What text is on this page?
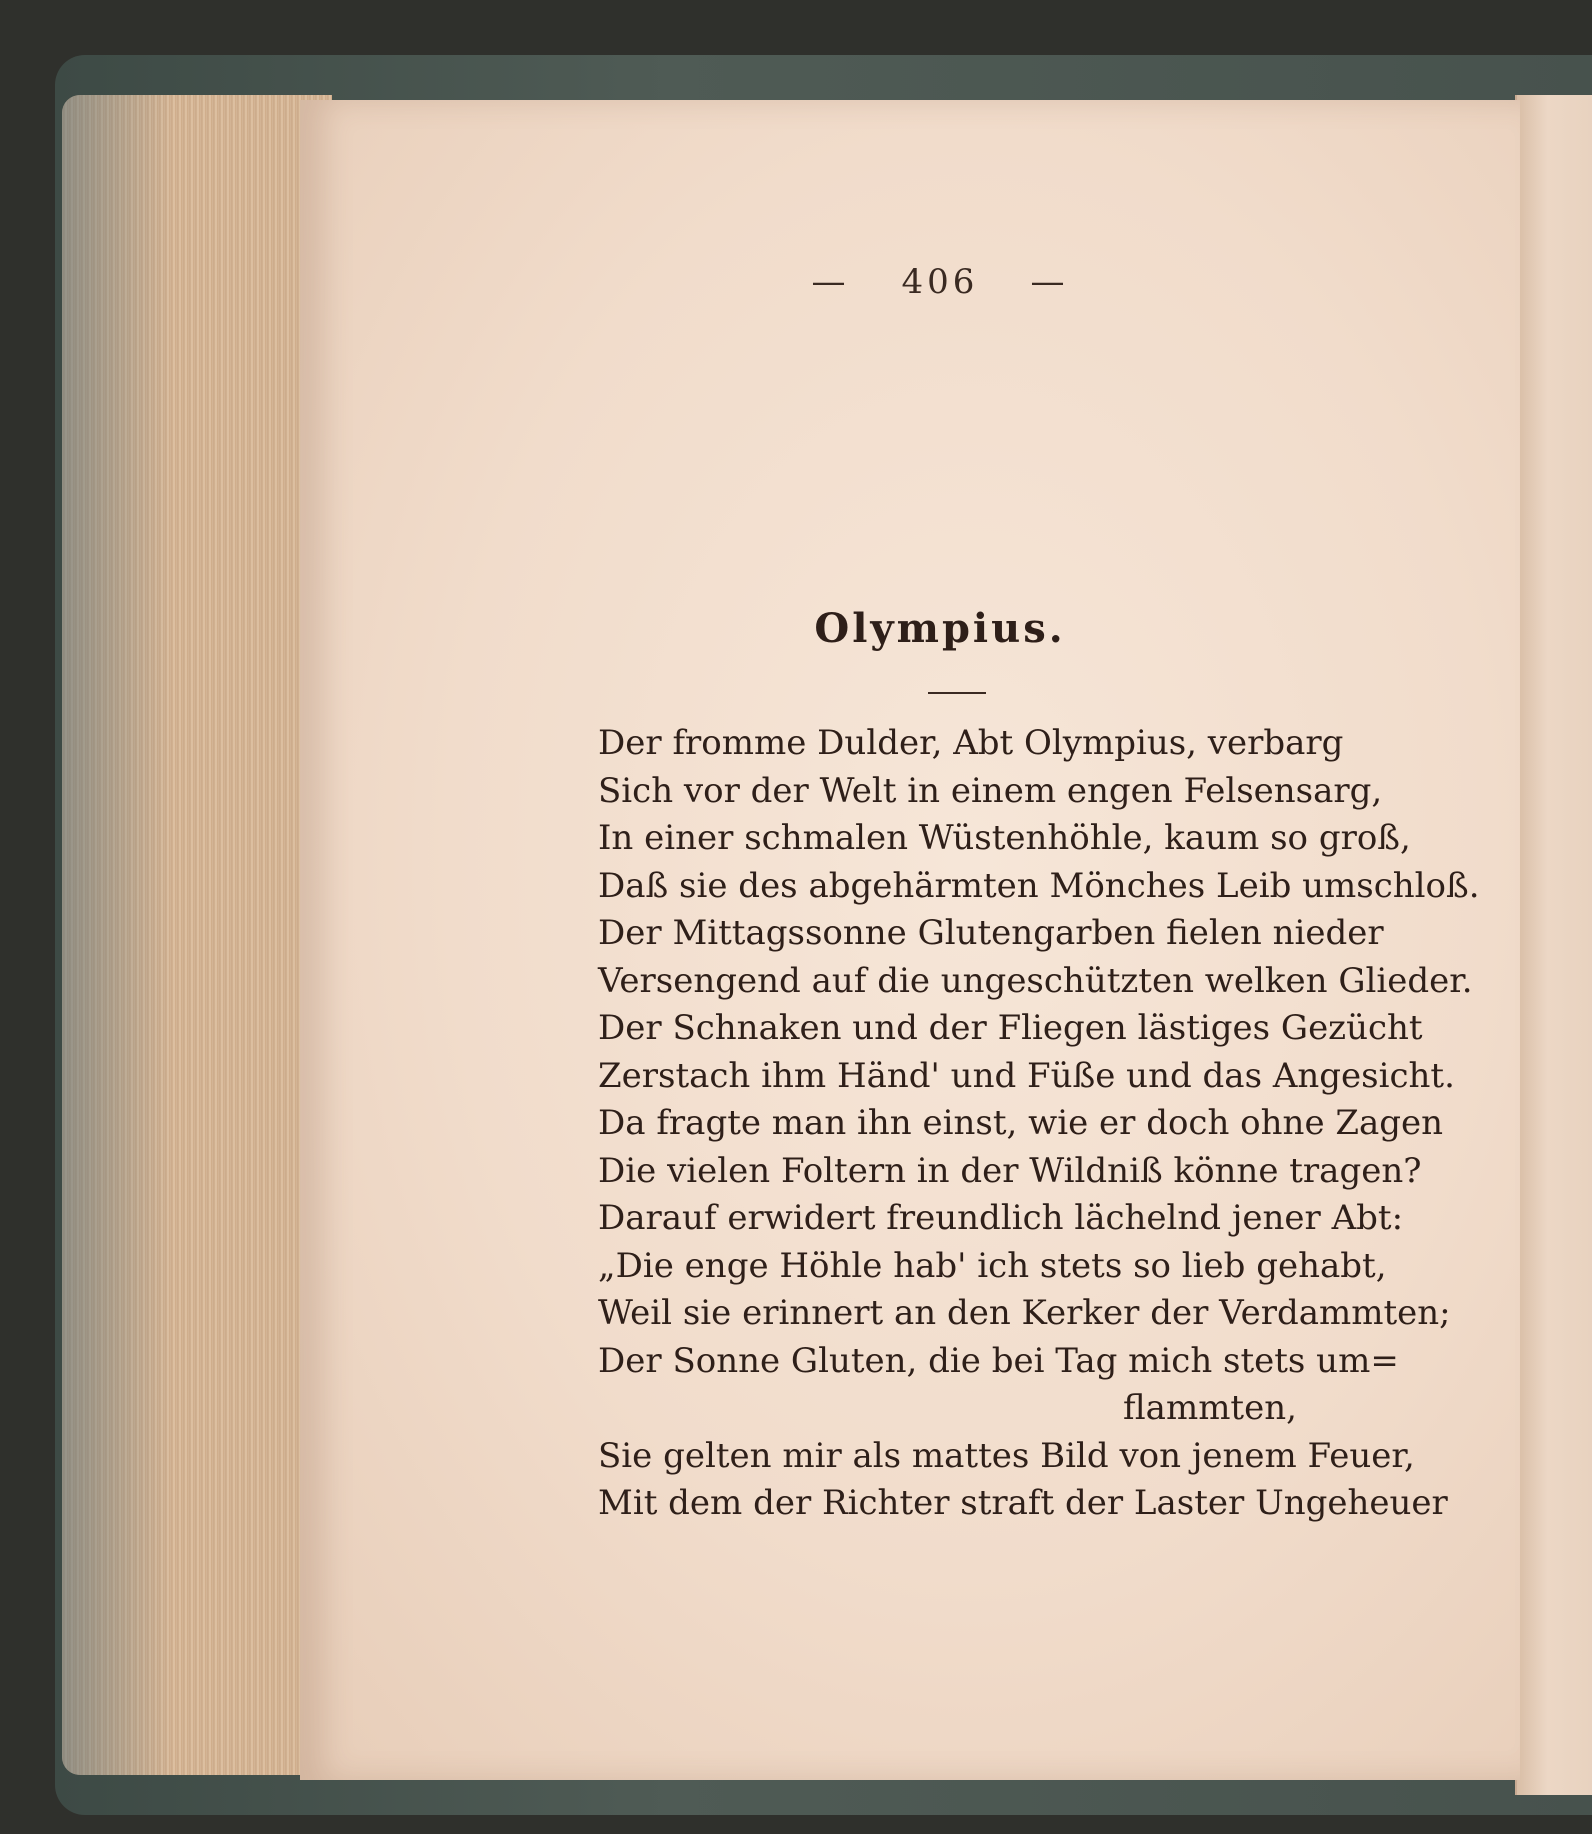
— 406 —
Olympius.
Der fromme Dulder, Abt Olympius, verbarg
Sich vor der Welt in einem engen Felsensarg,
In einer schmalen Wüstenhöhle, kaum so groß,
Daß sie des abgehärmten Mönches Leib umschloß.
Der Mittagssonne Glutengarben fielen nieder
Versengend auf die ungeschützten welken Glieder.
Der Schnaken und der Fliegen lästiges Gezücht
Zerstach ihm Händ' und Füße und das Angesicht.
Da fragte man ihn einst, wie er doch ohne Zagen
Die vielen Foltern in der Wildniß könne tragen?
Darauf erwidert freundlich lächelnd jener Abt:
„Die enge Höhle hab' ich stets so lieb gehabt,
Weil sie erinnert an den Kerker der Verdammten;
Der Sonne Gluten, die bei Tag mich stets um=
flammten,
Sie gelten mir als mattes Bild von jenem Feuer,
Mit dem der Richter straft der Laster Ungeheuer
